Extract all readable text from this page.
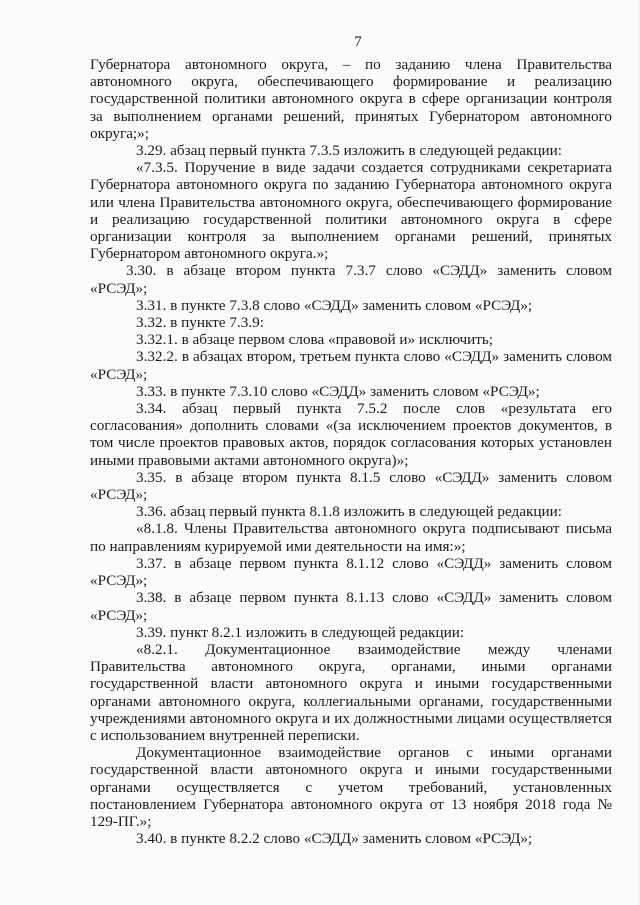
7

Губернатора автономного округа, – по заданию члена Правительства автономного округа, обеспечивающего формирование и реализацию государственной политики автономного округа в сфере организации контроля за выполнением органами решений, принятых Губернатором автономного округа;»;

3.29. абзац первый пункта 7.3.5 изложить в следующей редакции:

«7.3.5. Поручение в виде задачи создается сотрудниками секретариата Губернатора автономного округа по заданию Губернатора автономного округа или члена Правительства автономного округа, обеспечивающего формирование и реализацию государственной политики автономного округа в сфере организации контроля за выполнением органами решений, принятых Губернатором автономного округа.»;

3.30. в абзаце втором пункта 7.3.7 слово «СЭДД» заменить словом «РСЭД»;

3.31. в пункте 7.3.8 слово «СЭДД» заменить словом «РСЭД»;

3.32. в пункте 7.3.9:

3.32.1. в абзаце первом слова «правовой и» исключить;

3.32.2. в абзацах втором, третьем пункта слово «СЭДД» заменить словом «РСЭД»;

3.33. в пункте 7.3.10 слово «СЭДД» заменить словом «РСЭД»;

3.34. абзац первый пункта 7.5.2 после слов «результата его согласования» дополнить словами «(за исключением проектов документов, в том числе проектов правовых актов, порядок согласования которых установлен иными правовыми актами автономного округа)»;

3.35. в абзаце втором пункта 8.1.5 слово «СЭДД» заменить словом «РСЭД»;

3.36. абзац первый пункта 8.1.8 изложить в следующей редакции:

«8.1.8. Члены Правительства автономного округа подписывают письма по направлениям курируемой ими деятельности на имя:»;

3.37. в абзаце первом пункта 8.1.12 слово «СЭДД» заменить словом «РСЭД»;

3.38. в абзаце первом пункта 8.1.13 слово «СЭДД» заменить словом «РСЭД»;

3.39. пункт 8.2.1 изложить в следующей редакции:

«8.2.1. Документационное взаимодействие между членами Правительства автономного округа, органами, иными органами государственной власти автономного округа и иными государственными органами автономного округа, коллегиальными органами, государственными учреждениями автономного округа и их должностными лицами осуществляется с использованием внутренней переписки.

Документационное взаимодействие органов с иными органами государственной власти автономного округа и иными государственными органами осуществляется с учетом требований, установленных постановлением Губернатора автономного округа от 13 ноября 2018 года № 129-ПГ.»;

3.40. в пункте 8.2.2 слово «СЭДД» заменить словом «РСЭД»;
